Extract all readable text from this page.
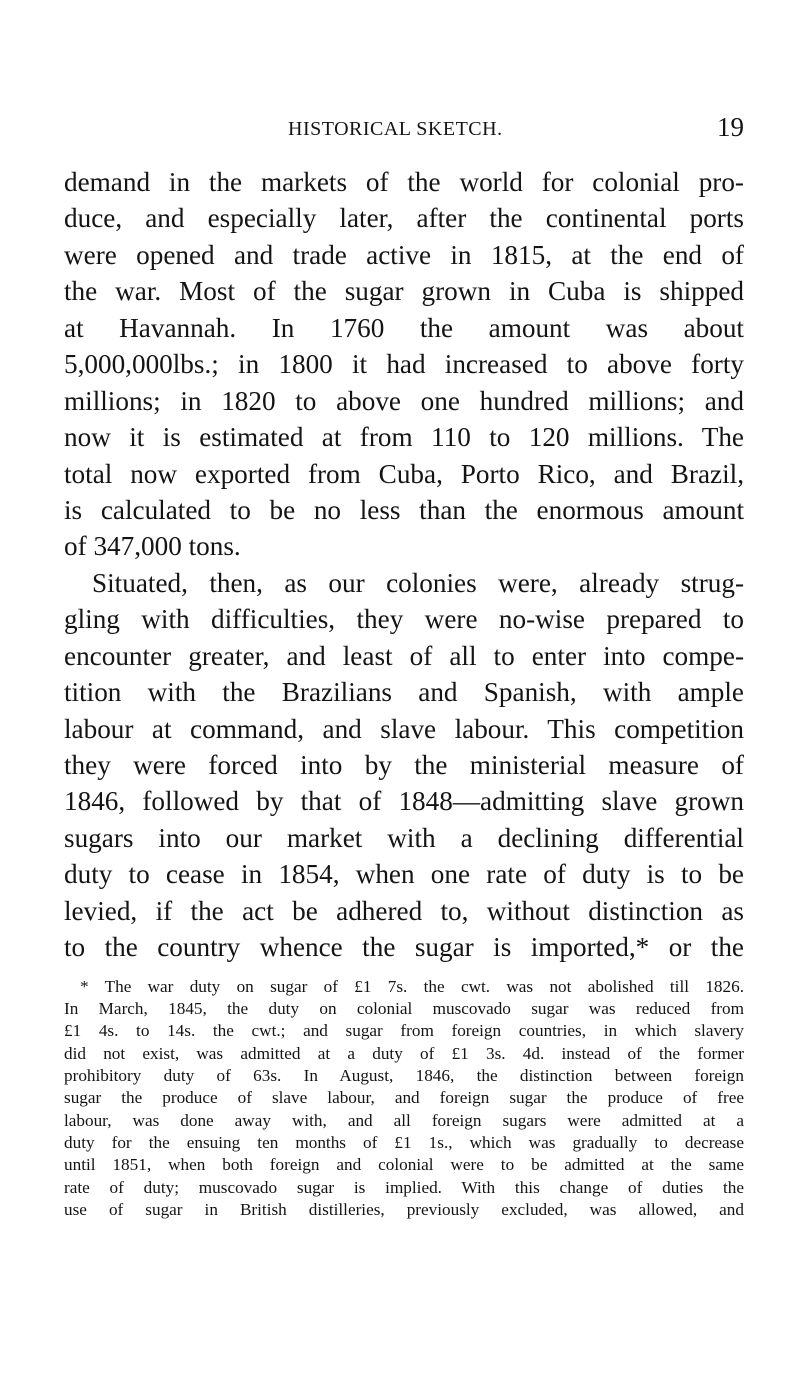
HISTORICAL SKETCH.	19
demand in the markets of the world for colonial pro-
duce, and especially later, after the continental ports
were opened and trade active in 1815, at the end of
the war. Most of the sugar grown in Cuba is shipped
at Havannah. In 1760 the amount was about
5,000,000lbs.; in 1800 it had increased to above forty
millions; in 1820 to above one hundred millions; and
now it is estimated at from 110 to 120 millions. The
total now exported from Cuba, Porto Rico, and Brazil,
is calculated to be no less than the enormous amount
of 347,000 tons.
Situated, then, as our colonies were, already strug-
gling with difficulties, they were no-wise prepared to
encounter greater, and least of all to enter into compe-
tition with the Brazilians and Spanish, with ample
labour at command, and slave labour. This competition
they were forced into by the ministerial measure of
1846, followed by that of 1848—admitting slave grown
sugars into our market with a declining differential
duty to cease in 1854, when one rate of duty is to be
levied, if the act be adhered to, without distinction as
to the country whence the sugar is imported,* or the
* The war duty on sugar of £1 7s. the cwt. was not abolished till 1826.
In March, 1845, the duty on colonial muscovado sugar was reduced from
£1 4s. to 14s. the cwt.; and sugar from foreign countries, in which slavery
did not exist, was admitted at a duty of £1 3s. 4d. instead of the former
prohibitory duty of 63s. In August, 1846, the distinction between foreign
sugar the produce of slave labour, and foreign sugar the produce of free
labour, was done away with, and all foreign sugars were admitted at a
duty for the ensuing ten months of £1 1s., which was gradually to decrease
until 1851, when both foreign and colonial were to be admitted at the same
rate of duty; muscovado sugar is implied. With this change of duties the
use of sugar in British distilleries, previously excluded, was allowed, and
